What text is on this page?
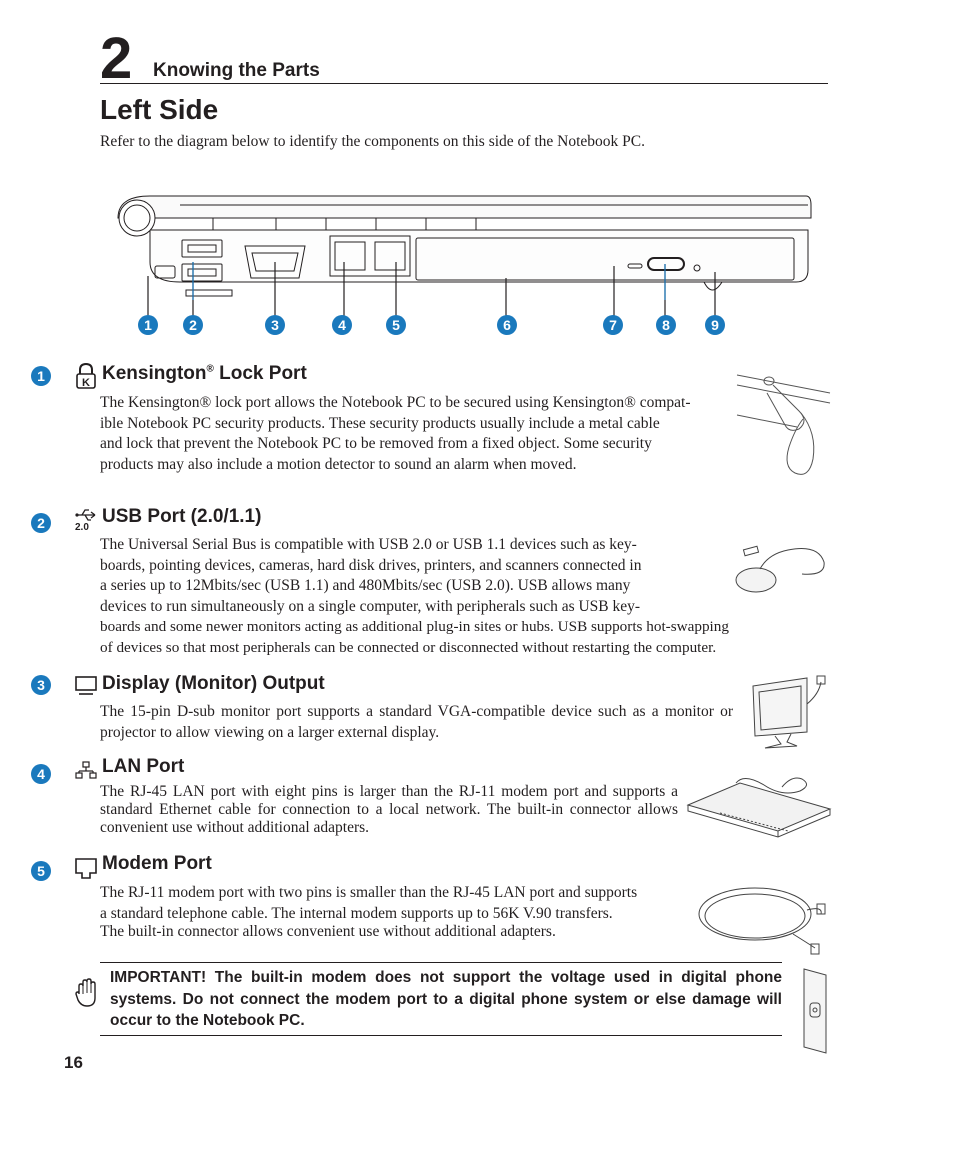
2 Knowing the Parts
Left Side
Refer to the diagram below to identify the components on this side of the Notebook PC.
1	2	3	4	5	6	7	8	9
1	K Kensington® Lock Port
The Kensington® lock port allows the Notebook PC to be secured using Kensington® compat-
ible Notebook PC security products. These security products usually include a metal cable
and lock that prevent the Notebook PC to be removed from a fixed object. Some security
products may also include a motion detector to sound an alarm when moved.
2	2.0
USB Port (2.0/1.1)
The Universal Serial Bus is compatible with USB 2.0 or USB 1.1 devices such as key-
boards, pointing devices, cameras, hard disk drives, printers, and scanners connected in
a series up to 12Mbits/sec (USB 1.1) and 480Mbits/sec (USB 2.0). USB allows many
devices to run simultaneously on a single computer, with peripherals such as USB key-
boards and some newer monitors acting as additional plug-in sites or hubs. USB supports hot-swapping
of devices so that most peripherals can be connected or disconnected without restarting the computer.
3	Display (Monitor) Output
The 15-pin D-sub monitor port supports a standard VGA-compatible device such as a monitor or projector to allow viewing on a larger external display.
4	LAN Port
The RJ-45 LAN port with eight pins is larger than the RJ-11 modem port and supports a standard Ethernet cable for connection to a local network. The built-in connector allows convenient use without additional adapters.
5	Modem Port
The RJ-11 modem port with two pins is smaller than the RJ-45 LAN port and supports
a standard telephone cable. The internal modem supports up to 56K V.90 transfers.
The built-in connector allows convenient use without additional adapters.
IMPORTANT! The built-in modem does not support the voltage used in digital phone systems. Do not connect the modem port to a digital phone system or else damage will occur to the Notebook PC.
16
